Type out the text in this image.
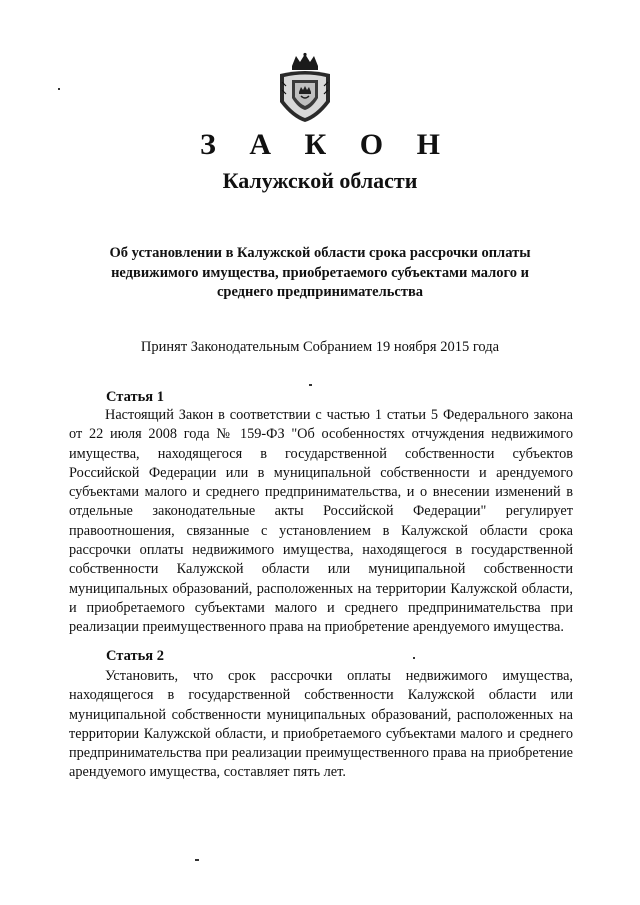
З А К О Н
Калужской области
Об установлении в Калужской области срока рассрочки оплаты недвижимого имущества, приобретаемого субъектами малого и среднего предпринимательства
Принят Законодательным Собранием 19 ноября 2015 года
Статья 1

Настоящий Закон в соответствии с частью 1 статьи 5 Федерального закона от 22 июля 2008 года № 159-ФЗ "Об особенностях отчуждения недвижимого имущества, находящегося в государственной собственности субъектов Российской Федерации или в муниципальной собственности и арендуемого субъектами малого и среднего предпринимательства, и о внесении изменений в отдельные законодательные акты Российской Федерации" регулирует правоотношения, связанные с установлением в Калужской области срока рассрочки оплаты недвижимого имущества, находящегося в государственной собственности Калужской области или муниципальной собственности муниципальных образований, расположенных на территории Калужской области, и приобретаемого субъектами малого и среднего предпринимательства при реализации преимущественного права на приобретение арендуемого имущества.

Статья 2

Установить, что срок рассрочки оплаты недвижимого имущества, находящегося в государственной собственности Калужской области или муниципальной собственности муниципальных образований, расположенных на территории Калужской области, и приобретаемого субъектами малого и среднего предпринимательства при реализации преимущественного права на приобретение арендуемого имущества, составляет пять лет.
